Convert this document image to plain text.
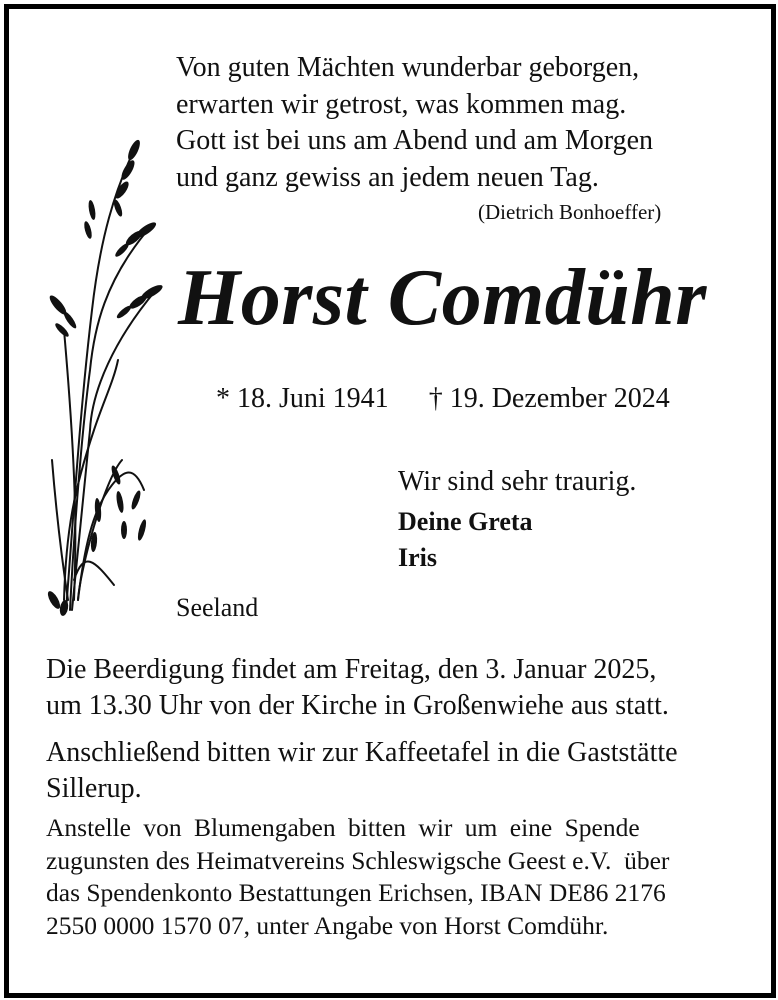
Von guten Mächten wunderbar geborgen,
erwarten wir getrost, was kommen mag.
Gott ist bei uns am Abend und am Morgen
und ganz gewiss an jedem neuen Tag.
(Dietrich Bonhoeffer)
Horst Comdühr
* 18. Juni 1941 † 19. Dezember 2024
Wir sind sehr traurig.
Deine Greta
Iris
Seeland
Die Beerdigung findet am Freitag, den 3. Januar 2025,
um 13.30 Uhr von der Kirche in Großenwiehe aus statt.
Anschließend bitten wir zur Kaffeetafel in die Gaststätte
Sillerup.
Anstelle von Blumengaben bitten wir um eine Spende
zugunsten des Heimatvereins Schleswigsche Geest e.V.  über
das Spendenkonto Bestattungen Erichsen, IBAN DE86 2176
2550 0000 1570 07, unter Angabe von Horst Comdühr.
